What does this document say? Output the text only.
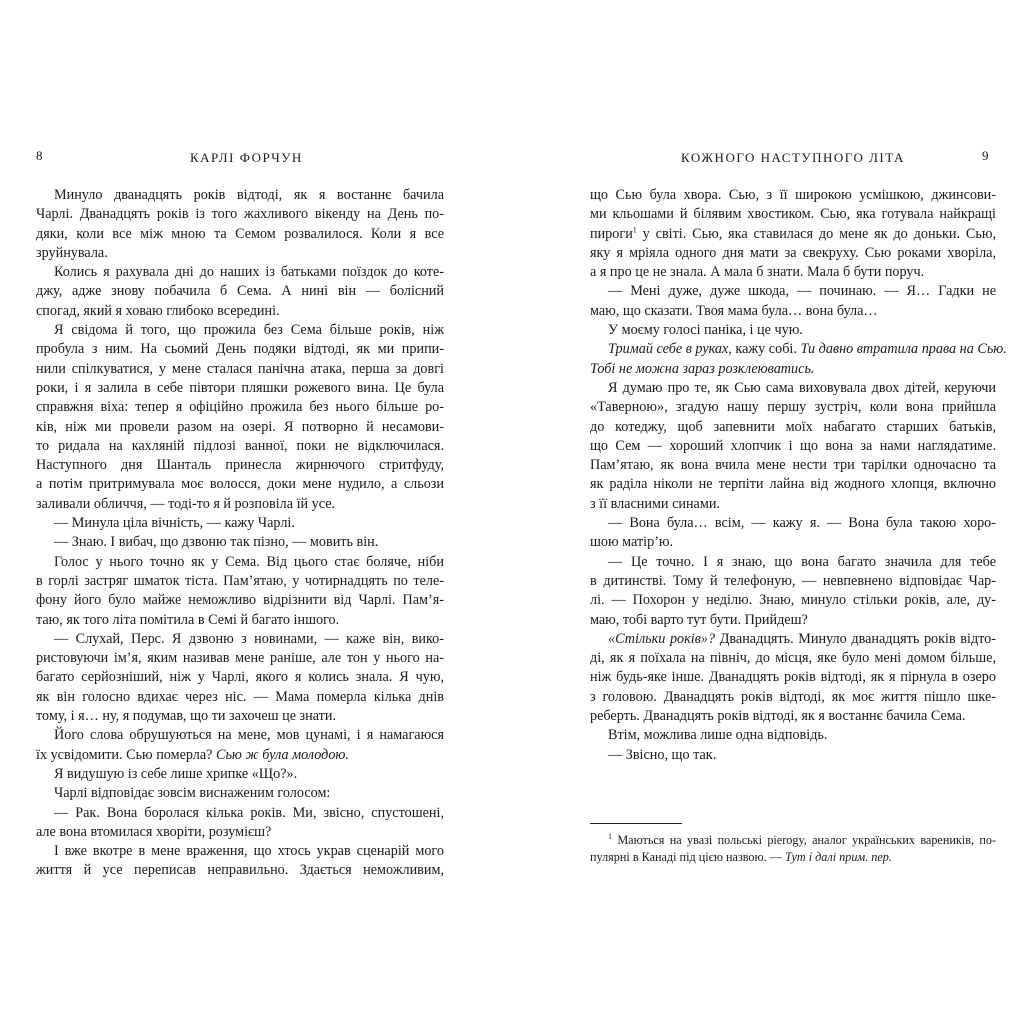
8	КАРЛІ ФОРЧУН
Минуло дванадцять років відтоді, як я востаннє бачила
Чарлі. Дванадцять років із того жахливого вікенду на День по-
дяки, коли все між мною та Семом розвалилося. Коли я все
зруйнувала.
Колись я рахувала дні до наших із батьками поїздок до коте-
джу, адже знову побачила б Сема. А нині він — болісний
спогад, який я ховаю глибоко всередині.
Я свідома й того, що прожила без Сема більше років, ніж
пробула з ним. На сьомий День подяки відтоді, як ми припи-
нили спілкуватися, у мене сталася панічна атака, перша за довгі
роки, і я залила в себе півтори пляшки рожевого вина. Це була
справжня віха: тепер я офіційно прожила без нього більше ро-
ків, ніж ми провели разом на озері. Я потворно й несамови-
то ридала на кахляній підлозі ванної, поки не відключилася.
Наступного дня Шанталь принесла жирнючого стритфуду,
а потім притримувала моє волосся, доки мене нудило, а сльози
заливали обличчя, — тоді-то я й розповіла їй усе.
— Минула ціла вічність, — кажу Чарлі.
— Знаю. І вибач, що дзвоню так пізно, — мовить він.
Голос у нього точно як у Сема. Від цього стає боляче, ніби
в горлі застряг шматок тіста. Пам’ятаю, у чотирнадцять по теле-
фону його було майже неможливо відрізнити від Чарлі. Пам’я-
таю, як того літа помітила в Семі й багато іншого.
— Слухай, Перс. Я дзвоню з новинами, — каже він, вико-
ристовуючи ім’я, яким називав мене раніше, але тон у нього на-
багато серйозніший, ніж у Чарлі, якого я колись знала. Я чую,
як він голосно вдихає через ніс. — Мама померла кілька днів
тому, і я… ну, я подумав, що ти захочеш це знати.
Його слова обрушуються на мене, мов цунамі, і я намагаюся
їх усвідомити. Сью померла? Сью ж була молодою.
Я видушую із себе лише хрипке «Що?».
Чарлі відповідає зовсім виснаженим голосом:
— Рак. Вона боролася кілька років. Ми, звісно, спустошені,
але вона втомилася хворіти, розумієш?
І вже вкотре в мене враження, що хтось украв сценарій мого
життя й усе переписав неправильно. Здається неможливим,
КОЖНОГО НАСТУПНОГО ЛІТА	9
що Сью була хвора. Сью, з її широкою усмішкою, джинсови-
ми кльошами й білявим хвостиком. Сью, яка готувала найкращі
пироги$^1$ у світі. Сью, яка ставилася до мене як до доньки. Сью,
яку я мріяла одного дня мати за свекруху. Сью роками хворіла,
а я про це не знала. А мала б знати. Мала б бути поруч.
— Мені дуже, дуже шкода, — починаю. — Я… Гадки не
маю, що сказати. Твоя мама була… вона була…
У моєму голосі паніка, і це чую.
Тримай себе в руках, кажу собі. Ти давно втратила права на Сью.
Тобі не можна зараз розклеюватись.
Я думаю про те, як Сью сама виховувала двох дітей, керуючи
«Таверною», згадую нашу першу зустріч, коли вона прийшла
до котеджу, щоб запевнити моїх набагато старших батьків,
що Сем — хороший хлопчик і що вона за нами наглядатиме.
Пам’ятаю, як вона вчила мене нести три тарілки одночасно та
як раділа ніколи не терпіти лайна від жодного хлопця, включно
з її власними синами.
— Вона була… всім, — кажу я. — Вона була такою хоро-
шою матір’ю.
— Це точно. І я знаю, що вона багато значила для тебе
в дитинстві. Тому й телефоную, — невпевнено відповідає Чар-
лі. — Похорон у неділю. Знаю, минуло стільки років, але, ду-
маю, тобі варто тут бути. Прийдеш?
«Стільки років»? Дванадцять. Минуло дванадцять років відто-
ді, як я поїхала на північ, до місця, яке було мені домом більше,
ніж будь-яке інше. Дванадцять років відтоді, як я пірнула в озеро
з головою. Дванадцять років відтоді, як моє життя пішло шке-
реберть. Дванадцять років відтоді, як я востаннє бачила Сема.
Втім, можлива лише одна відповідь.
— Звісно, що так.
$^1$ Маються на увазі польські pierogy, аналог українських вареників, по-
пулярні в Канаді під цією назвою. — Тут і далі прим. пер.
